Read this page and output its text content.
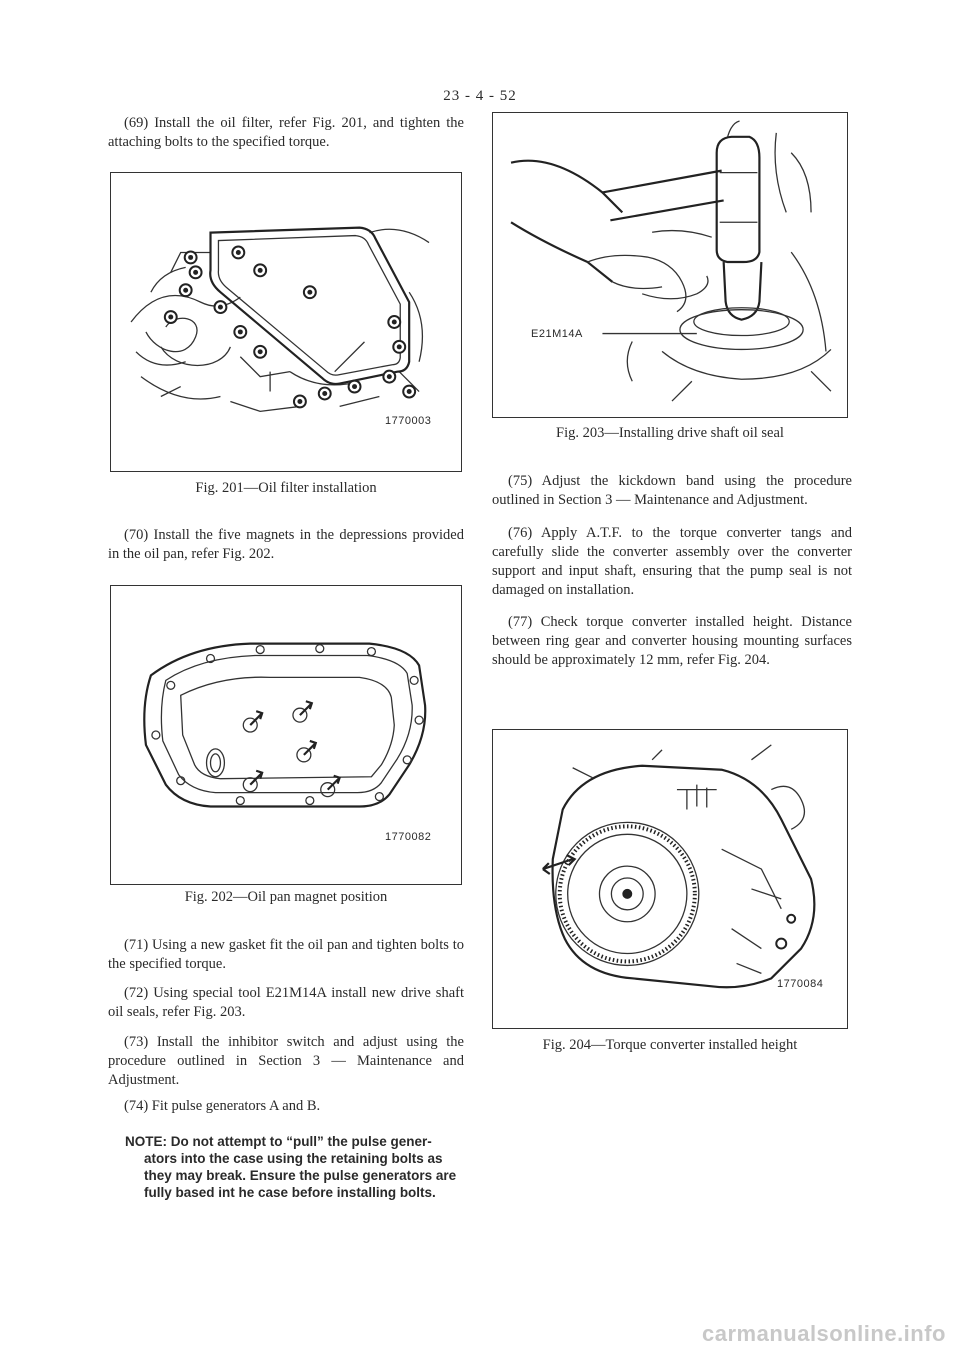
23 - 4 - 52

(69) Install the oil filter, refer Fig. 201, and tighten the attaching bolts to the specified torque.

1770003
Fig. 201—Oil filter installation

(70) Install the five magnets in the depressions provided in the oil pan, refer Fig. 202.

1770082
Fig. 202—Oil pan magnet position

(71) Using a new gasket fit the oil pan and tighten bolts to the specified torque.

(72) Using special tool E21M14A install new drive shaft oil seals, refer Fig. 203.

(73) Install the inhibitor switch and adjust using the procedure outlined in Section 3 — Maintenance and Adjustment.

(74) Fit pulse generators A and B.

NOTE: Do not attempt to “pull” the pulse gener-
ators into the case using the retaining bolts as they may break. Ensure the pulse generators are fully based int he case before installing bolts.
E21M14A
Fig. 203—Installing drive shaft oil seal

(75) Adjust the kickdown band using the procedure outlined in Section 3 — Maintenance and Adjustment.

(76) Apply A.T.F. to the torque converter tangs and carefully slide the converter assembly over the converter support and input shaft, ensuring that the pump seal is not damaged on installation.

(77) Check torque converter installed height. Distance between ring gear and converter housing mounting surfaces should be approximately 12 mm, refer Fig. 204.

1770084
Fig. 204—Torque converter installed height
carmanualsonline.info
